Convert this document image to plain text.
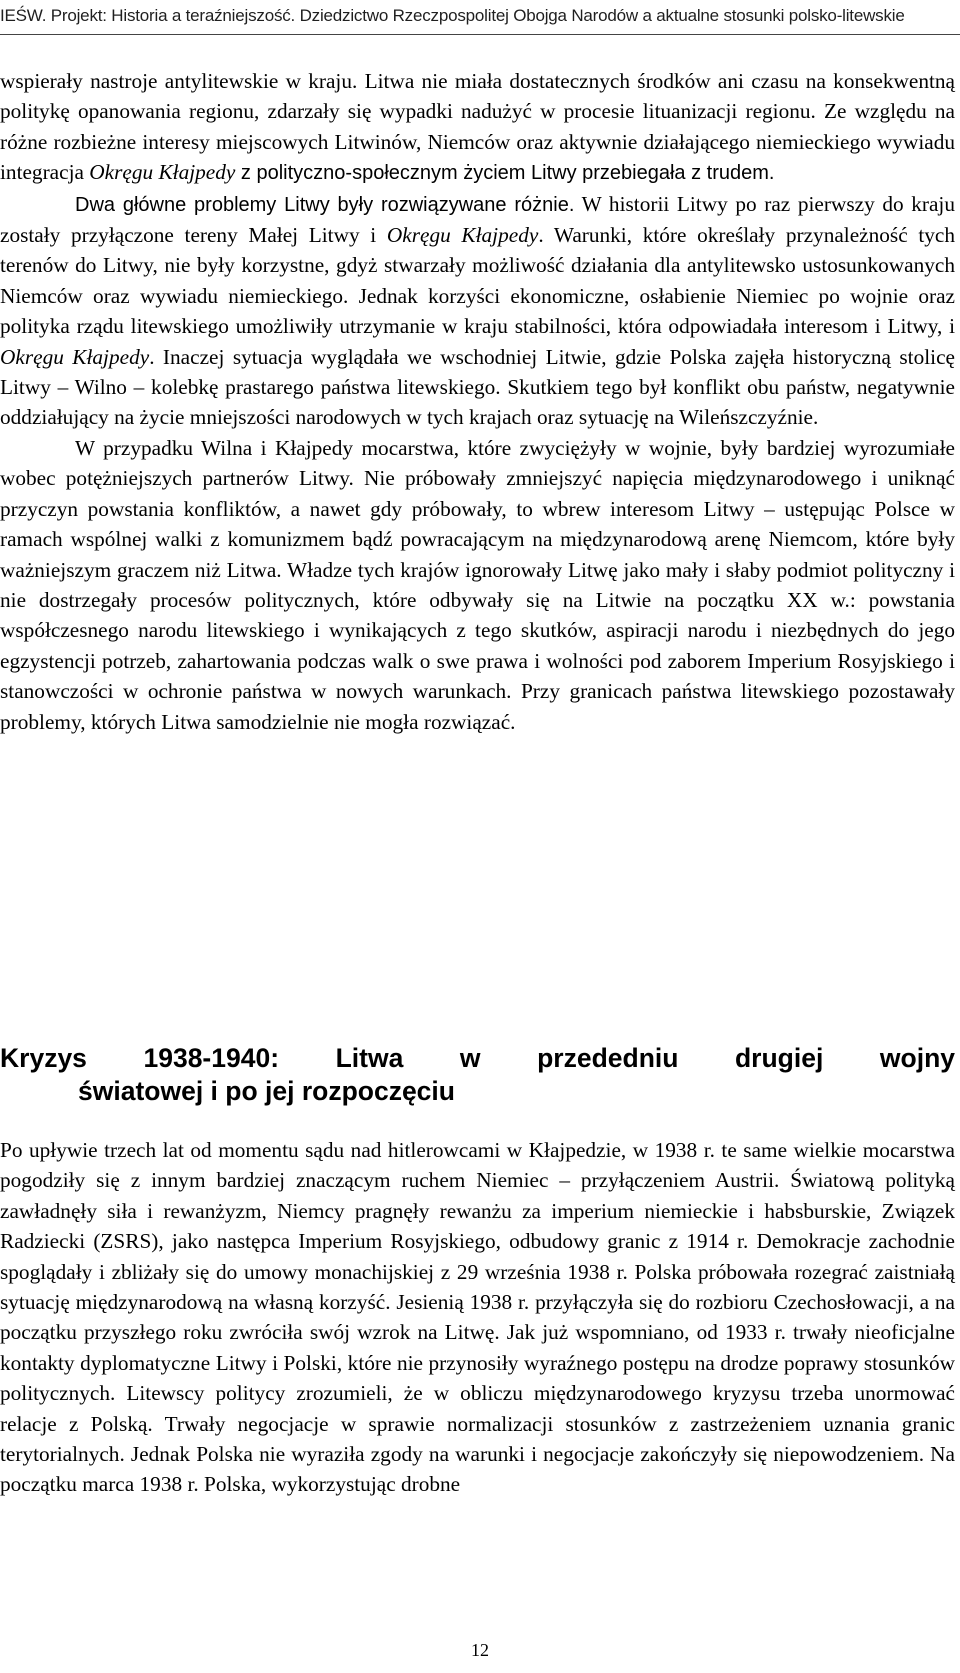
IEŚW. Projekt: Historia a teraźniejszość. Dziedzictwo Rzeczpospolitej Obojga Narodów a aktualne stosunki polsko-litewskie

wspierały nastroje antylitewskie w kraju. Litwa nie miała dostatecznych środków ani czasu na konsekwentną politykę opanowania regionu, zdarzały się wypadki nadużyć w procesie lituanizacji regionu. Ze względu na różne rozbieżne interesy miejscowych Litwinów, Niemców oraz aktywnie działającego niemieckiego wywiadu integracja Okręgu Kłajpedy z polityczno-społecznym życiem Litwy przebiegała z trudem.

Dwa główne problemy Litwy były rozwiązywane różnie. W historii Litwy po raz pierwszy do kraju zostały przyłączone tereny Małej Litwy i Okręgu Kłajpedy. Warunki, które określały przynależność tych terenów do Litwy, nie były korzystne, gdyż stwarzały możliwość działania dla antylitewsko ustosunkowanych Niemców oraz wywiadu niemieckiego. Jednak korzyści ekonomiczne, osłabienie Niemiec po wojnie oraz polityka rządu litewskiego umożliwiły utrzymanie w kraju stabilności, która odpowiadała interesom i Litwy, i Okręgu Kłajpedy. Inaczej sytuacja wyglądała we wschodniej Litwie, gdzie Polska zajęła historyczną stolicę Litwy – Wilno – kolebkę prastarego państwa litewskiego. Skutkiem tego był konflikt obu państw, negatywnie oddziałujący na życie mniejszości narodowych w tych krajach oraz sytuację na Wileńszczyźnie.

W przypadku Wilna i Kłajpedy mocarstwa, które zwyciężyły w wojnie, były bardziej wyrozumiałe wobec potężniejszych partnerów Litwy. Nie próbowały zmniejszyć napięcia międzynarodowego i uniknąć przyczyn powstania konfliktów, a nawet gdy próbowały, to wbrew interesom Litwy – ustępując Polsce w ramach wspólnej walki z komunizmem bądź powracającym na międzynarodową arenę Niemcom, które były ważniejszym graczem niż Litwa. Władze tych krajów ignorowały Litwę jako mały i słaby podmiot polityczny i nie dostrzegały procesów politycznych, które odbywały się na Litwie na początku XX w.: powstania współczesnego narodu litewskiego i wynikających z tego skutków, aspiracji narodu i niezbędnych do jego egzystencji potrzeb, zahartowania podczas walk o swe prawa i wolności pod zaborem Imperium Rosyjskiego i stanowczości w ochronie państwa w nowych warunkach. Przy granicach państwa litewskiego pozostawały problemy, których Litwa samodzielnie nie mogła rozwiązać.

Kryzys 1938-1940: Litwa w przededniu drugiej wojny
światowej i po jej rozpoczęciu

Po upływie trzech lat od momentu sądu nad hitlerowcami w Kłajpedzie, w 1938 r. te same wielkie mocarstwa pogodziły się z innym bardziej znaczącym ruchem Niemiec – przyłączeniem Austrii. Światową polityką zawładnęły siła i rewanżyzm, Niemcy pragnęły rewanżu za imperium niemieckie i habsburskie, Związek Radziecki (ZSRS), jako następca Imperium Rosyjskiego, odbudowy granic z 1914 r. Demokracje zachodnie spoglądały i zbliżały się do umowy monachijskiej z 29 września 1938 r. Polska próbowała rozegrać zaistniałą sytuację międzynarodową na własną korzyść. Jesienią 1938 r. przyłączyła się do rozbioru Czechosłowacji, a na początku przyszłego roku zwróciła swój wzrok na Litwę. Jak już wspomniano, od 1933 r. trwały nieoficjalne kontakty dyplomatyczne Litwy i Polski, które nie przynosiły wyraźnego postępu na drodze poprawy stosunków politycznych. Litewscy politycy zrozumieli, że w obliczu międzynarodowego kryzysu trzeba unormować relacje z Polską. Trwały negocjacje w sprawie normalizacji stosunków z zastrzeżeniem uznania granic terytorialnych. Jednak Polska nie wyraziła zgody na warunki i negocjacje zakończyły się niepowodzeniem. Na początku marca 1938 r. Polska, wykorzystując drobne

12
